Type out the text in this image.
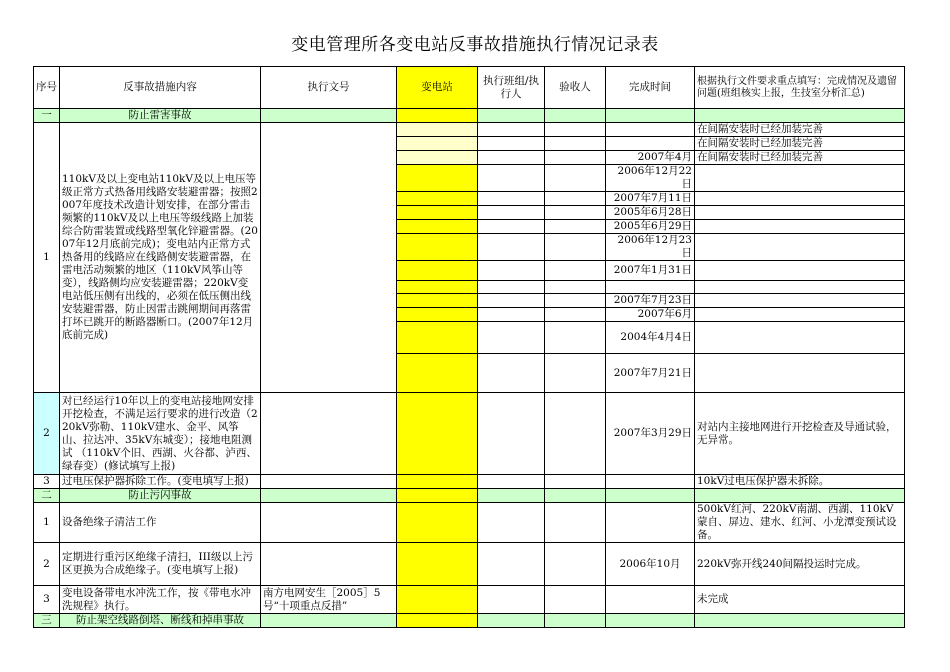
变电管理所各变电站反事故措施执行情况记录表
序号	反事故措施内容	执行文号	变电站	执行班组/执行人	验收人	完成时间	根据执行文件要求重点填写：完成情况及遗留问题(班组核实上报，生技室分析汇总)
一	防止雷害事故						
1	110kV及以上变电站110kV及以上电压等级正常方式热备用线路安装避雷器；按照2007年度技术改造计划安排，在部分雷击频繁的110kV及以上电压等级线路上加装综合防雷装置或线路型氧化锌避雷器。(2007年12月底前完成)；变电站内正常方式热备用的线路应在线路侧安装避雷器，在雷电活动频繁的地区（110kV风筝山等变），线路侧均应安装避雷器；220kV变电站低压侧有出线的，必须在低压侧出线安装避雷器，防止因雷击跳闸期间再落雷打坏已跳开的断路器断口。(2007年12月底前完成)						在间隔安装时已经加装完善
							在间隔安装时已经加装完善
						2007年4月	在间隔安装时已经加装完善
						2006年12月22日	
						2007年7月11日	
						2005年6月28日	
						2005年6月29日	
						2006年12月23日	
						2007年1月31日	

						2007年7月23日	
						2007年6月	
						2004年4月4日	
						2007年7月21日	
2	对已经运行10年以上的变电站接地网安排开挖检查，不满足运行要求的进行改造（220kV弥勒、110kV建水、金平、风筝山、拉达冲、35kV东城变）；接地电阻测试 （110kV个旧、西湖、火谷都、泸西、绿春变）(修试填写上报)					2007年3月29日	对站内主接地网进行开挖检查及导通试验，无异常。
3	过电压保护器拆除工作。(变电填写上报)						10kV过电压保护器未拆除。
二	防止污闪事故						
1	设备绝缘子清洁工作						500kV红河、220kV南湖、西湖、110kV蒙自、屏边、建水、红河、小龙潭变预试设备。
2	定期进行重污区绝缘子清扫，III级以上污区更换为合成绝缘子。(变电填写上报)					2006年10月	220kV弥开线240间隔投运时完成。
3	变电设备带电水冲洗工作，按《带电水冲洗规程》执行。	南方电网安生［2005］5号“十项重点反措”					未完成
三	防止架空线路倒塔、断线和掉串事故						
